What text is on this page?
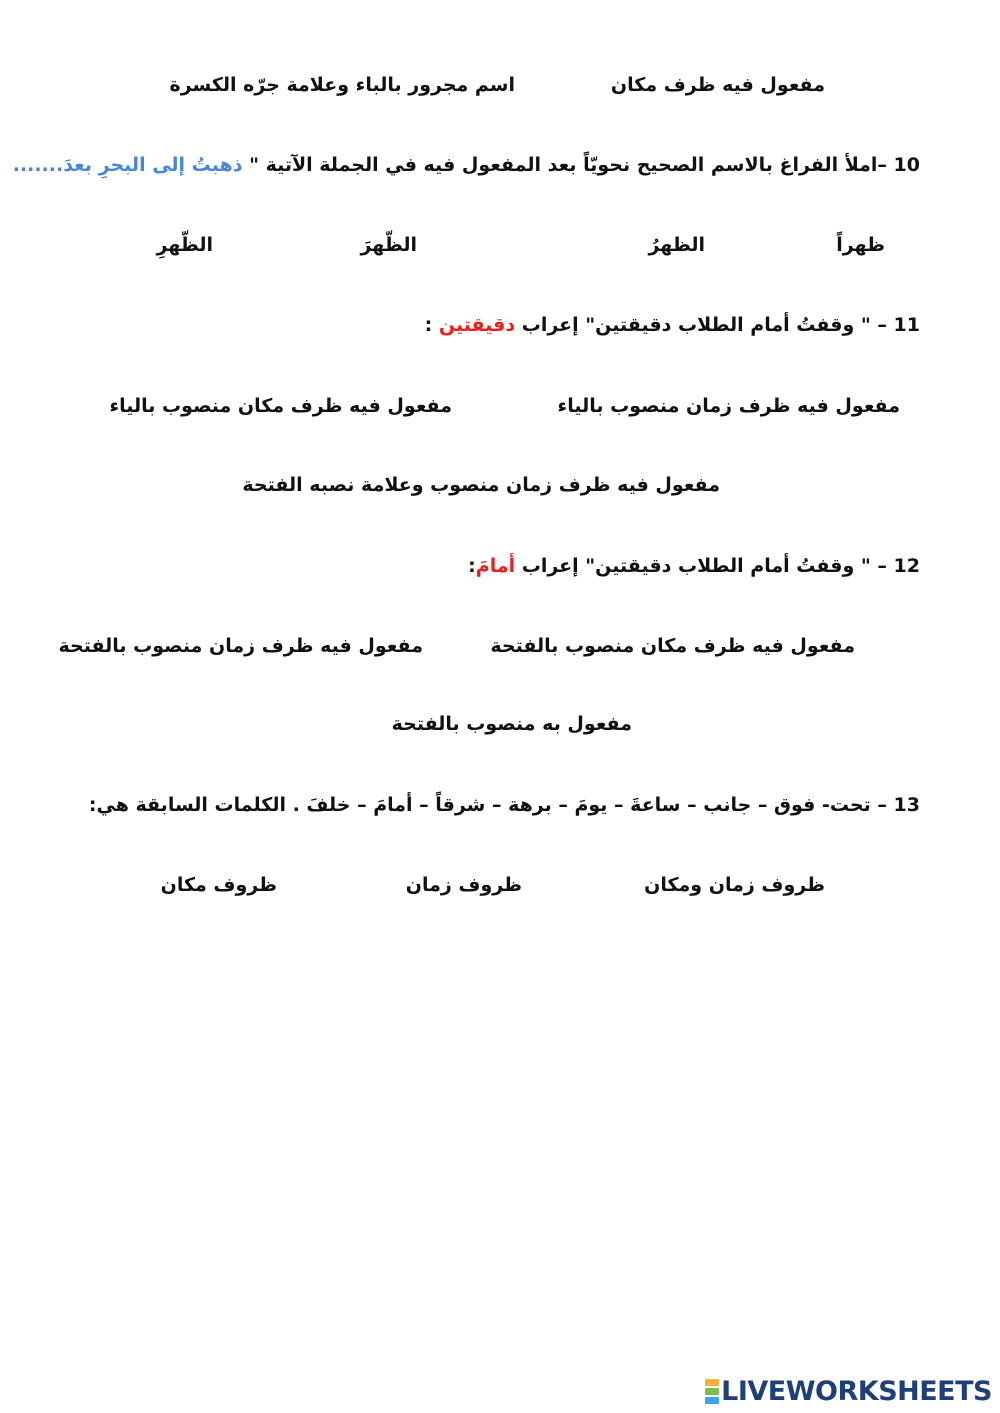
مفعول فيه ظرف مكان
اسم مجرور بالباء وعلامة جرّه الكسرة
10 –املأ الفراغ بالاسم الصحيح نحويّاً بعد المفعول فيه في الجملة الآتية " ذهبتُ إلى البحرِ بعدَ.......
ظهراً
الظهرُ
الظّهرَ
الظّهرِ
11 – " وقفتُ أمام الطلاب دقيقتين" إعراب دقيقتين :
مفعول فيه ظرف زمان منصوب بالياء
مفعول فيه ظرف مكان منصوب بالياء
مفعول فيه ظرف زمان منصوب وعلامة نصبه الفتحة
12 – " وقفتُ أمام الطلاب دقيقتين" إعراب أمامَ:
مفعول فيه ظرف مكان منصوب بالفتحة
مفعول فيه ظرف زمان منصوب بالفتحة
مفعول به منصوب بالفتحة
13 – تحت- فوق – جانب – ساعةَ – يومَ – برهة – شرقاً – أمامَ – خلفَ . الكلمات السابقة هي:
ظروف زمان ومكان
ظروف زمان
ظروف مكان
LIVEWORKSHEETS
